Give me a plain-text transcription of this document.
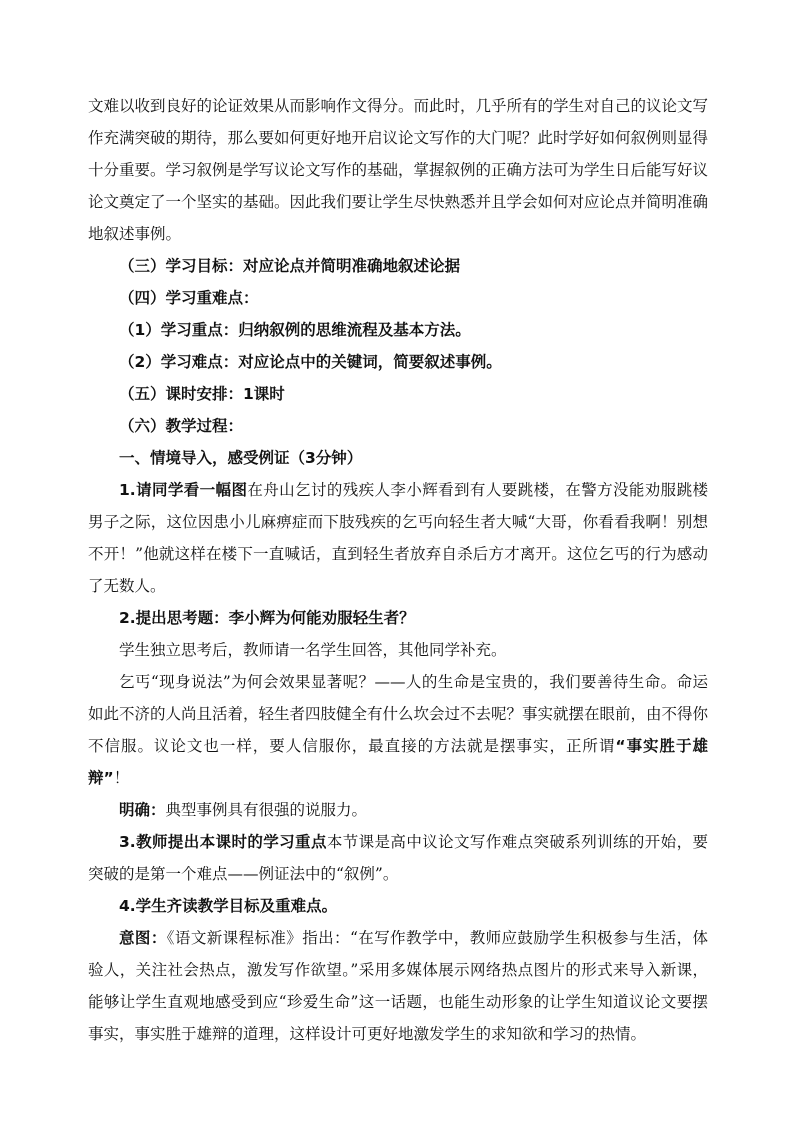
文难以收到良好的论证效果从而影响作文得分。而此时，几乎所有的学生对自己的议论文写作充满突破的期待，那么要如何更好地开启议论文写作的大门呢？此时学好如何叙例则显得十分重要。学习叙例是学写议论文写作的基础，掌握叙例的正确方法可为学生日后能写好议论文奠定了一个坚实的基础。因此我们要让学生尽快熟悉并且学会如何对应论点并简明准确地叙述事例。

（三）学习目标：对应论点并简明准确地叙述论据

（四）学习重难点：

（1）学习重点：归纳叙例的思维流程及基本方法。

（2）学习难点：对应论点中的关键词，简要叙述事例。

（五）课时安排：1课时

（六）教学过程：

一、情境导入，感受例证（3分钟）

1.请同学看一幅图在舟山乞讨的残疾人李小辉看到有人要跳楼，在警方没能劝服跳楼男子之际，这位因患小儿麻痹症而下肢残疾的乞丐向轻生者大喊“大哥，你看看我啊！别想不开！”他就这样在楼下一直喊话，直到轻生者放弃自杀后方才离开。这位乞丐的行为感动了无数人。

2.提出思考题：李小辉为何能劝服轻生者？

学生独立思考后，教师请一名学生回答，其他同学补充。

乞丐“现身说法”为何会效果显著呢？——人的生命是宝贵的，我们要善待生命。命运如此不济的人尚且活着，轻生者四肢健全有什么坎会过不去呢？事实就摆在眼前，由不得你不信服。议论文也一样，要人信服你，最直接的方法就是摆事实，正所谓“事实胜于雄辩”！

明确：典型事例具有很强的说服力。

3.教师提出本课时的学习重点本节课是高中议论文写作难点突破系列训练的开始，要突破的是第一个难点——例证法中的“叙例”。

4.学生齐读教学目标及重难点。

意图：《语文新课程标准》指出：“在写作教学中，教师应鼓励学生积极参与生活，体验人，关注社会热点，激发写作欲望。”采用多媒体展示网络热点图片的形式来导入新课，能够让学生直观地感受到应“珍爱生命”这一话题，也能生动形象的让学生知道议论文要摆事实，事实胜于雄辩的道理，这样设计可更好地激发学生的求知欲和学习的热情。
